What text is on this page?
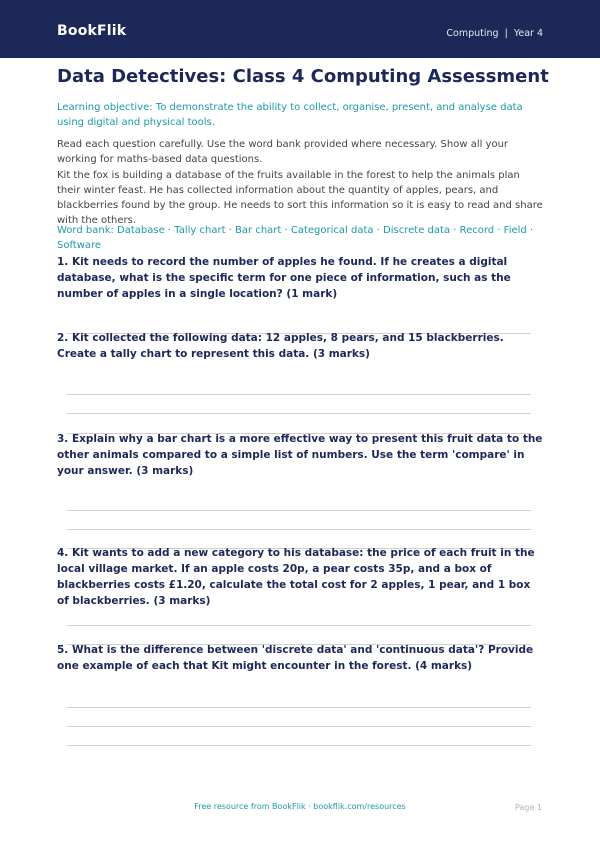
BookFlik	Computing  |  Year 4
Data Detectives: Class 4 Computing Assessment

Learning objective: To demonstrate the ability to collect, organise, present, and analyse data using digital and physical tools.

Read each question carefully. Use the word bank provided where necessary. Show all your working for maths-based data questions.

Kit the fox is building a database of the fruits available in the forest to help the animals plan their winter feast. He has collected information about the quantity of apples, pears, and blackberries found by the group. He needs to sort this information so it is easy to read and share with the others.

Word bank: Database · Tally chart · Bar chart · Categorical data · Discrete data · Record · Field · Software

1. Kit needs to record the number of apples he found. If he creates a digital database, what is the specific term for one piece of information, such as the number of apples in a single location? (1 mark)

2. Kit collected the following data: 12 apples, 8 pears, and 15 blackberries. Create a tally chart to represent this data. (3 marks)

3. Explain why a bar chart is a more effective way to present this fruit data to the other animals compared to a simple list of numbers. Use the term 'compare' in your answer. (3 marks)

4. Kit wants to add a new category to his database: the price of each fruit in the local village market. If an apple costs 20p, a pear costs 35p, and a box of blackberries costs £1.20, calculate the total cost for 2 apples, 1 pear, and 1 box of blackberries. (3 marks)

5. What is the difference between 'discrete data' and 'continuous data'? Provide one example of each that Kit might encounter in the forest. (4 marks)

Free resource from BookFlik · bookflik.com/resources	Page 1
